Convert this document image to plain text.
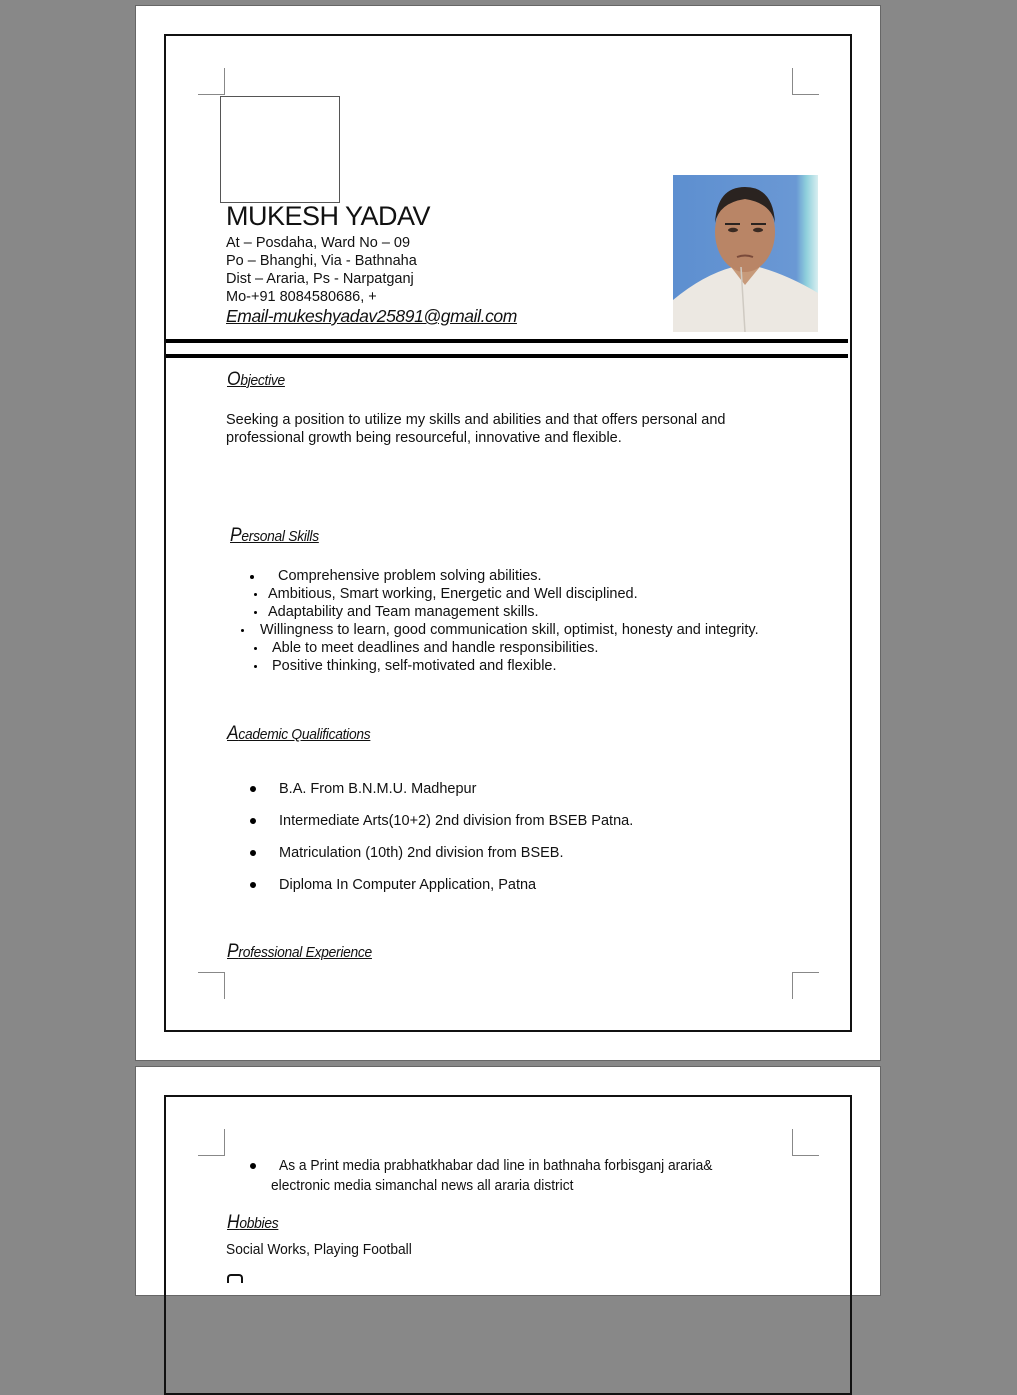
MUKESH YADAV
At – Posdaha, Ward No – 09
Po – Bhanghi, Via - Bathnaha
Dist – Araria, Ps - Narpatganj
Mo-+91 8084580686, +
Email-mukeshyadav25891@gmail.com
Objective
Seeking a position to utilize my skills and abilities and that offers personal and
professional growth being resourceful, innovative and flexible.
Personal Skills
Comprehensive problem solving abilities.
Ambitious, Smart working, Energetic and Well disciplined.
Adaptability and Team management skills.
Willingness to learn, good communication skill, optimist, honesty and integrity.
Able to meet deadlines and handle responsibilities.
Positive thinking, self-motivated and flexible.
Academic Qualifications
B.A. From B.N.M.U. Madhepur
Intermediate Arts(10+2) 2nd division from BSEB Patna.
Matriculation (10th) 2nd division from BSEB.
Diploma In Computer Application, Patna
Professional Experience
As a Print media prabhatkhabar dad line in bathnaha forbisganj araria&
electronic media simanchal news all araria district
Hobbies
Social Works, Playing Football
